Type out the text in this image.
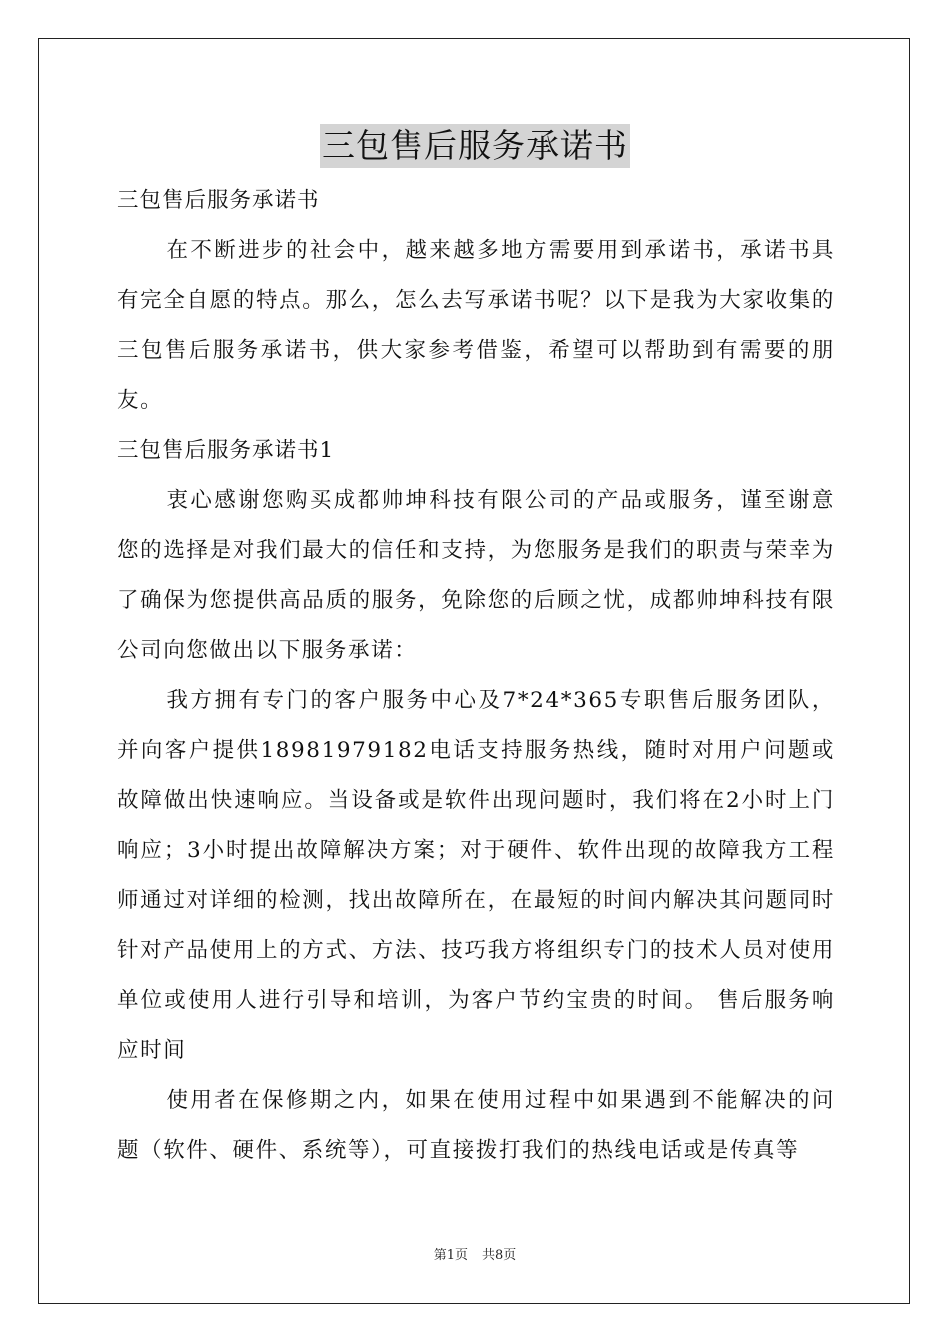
三包售后服务承诺书

三包售后服务承诺书

在不断进步的社会中，越来越多地方需要用到承诺书，承诺书具有完全自愿的特点。那么，怎么去写承诺书呢？以下是我为大家收集的三包售后服务承诺书，供大家参考借鉴，希望可以帮助到有需要的朋友。

三包售后服务承诺书1

衷心感谢您购买成都帅坤科技有限公司的产品或服务，谨至谢意您的选择是对我们最大的信任和支持，为您服务是我们的职责与荣幸为了确保为您提供高品质的服务，免除您的后顾之忧，成都帅坤科技有限公司向您做出以下服务承诺：

我方拥有专门的客户服务中心及7*24*365专职售后服务团队，并向客户提供18981979182电话支持服务热线，随时对用户问题或故障做出快速响应。当设备或是软件出现问题时，我们将在2小时上门响应；3小时提出故障解决方案；对于硬件、软件出现的故障我方工程师通过对详细的检测，找出故障所在，在最短的时间内解决其问题同时针对产品使用上的方式、方法、技巧我方将组织专门的技术人员对使用单位或使用人进行引导和培训，为客户节约宝贵的时间。 售后服务响应时间

使用者在保修期之内，如果在使用过程中如果遇到不能解决的问题（软件、硬件、系统等），可直接拨打我们的热线电话或是传真等

第1页 共8页
